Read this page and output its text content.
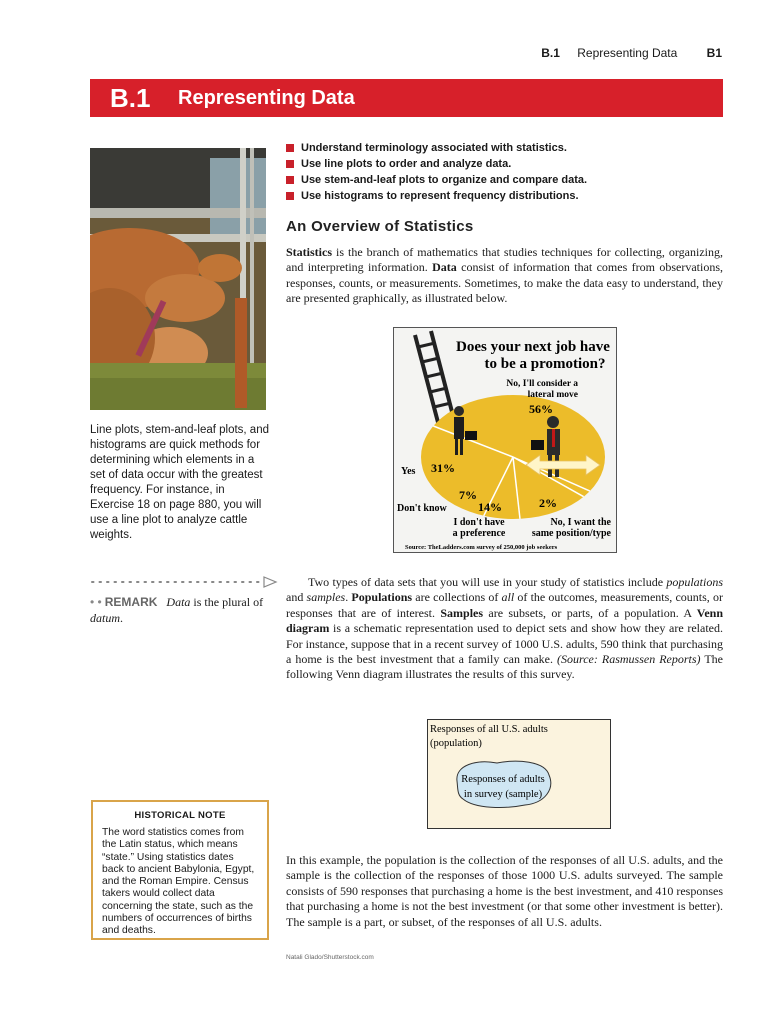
B.1 Representing Data B1
B.1 Representing Data
Understand terminology associated with statistics.
Use line plots to order and analyze data.
Use stem-and-leaf plots to organize and compare data.
Use histograms to represent frequency distributions.
Line plots, stem-and-leaf plots, and histograms are quick methods for determining which elements in a set of data occur with the greatest frequency. For instance, in Exercise 18 on page 880, you will use a line plot to analyze cattle weights.
An Overview of Statistics

Statistics is the branch of mathematics that studies techniques for collecting, organizing, and interpreting information. Data consist of information that comes from observations, responses, counts, or measurements. Sometimes, to make the data easy to understand, they are presented graphically, as illustrated below.

Does your next job have
to be a promotion?
No, I'll consider a
lateral move
56%
Yes 31%
Don't know
7%
14%
I don't have
a preference
2%
No, I want the
same position/type
Source: TheLadders.com survey of 250,000 job seekers
• • REMARK Data is the plural of datum.

Two types of data sets that you will use in your study of statistics include populations and samples. Populations are collections of all of the outcomes, measurements, counts, or responses that are of interest. Samples are subsets, or parts, of a population. A Venn diagram is a schematic representation used to depict sets and show how they are related. For instance, suppose that in a recent survey of 1000 U.S. adults, 590 think that purchasing a home is the best investment that a family can make. (Source: Rasmussen Reports) The following Venn diagram illustrates the results of this survey.

Responses of all U.S. adults
(population)
Responses of adults
in survey (sample)
HISTORICAL NOTE
The word statistics comes from the Latin status, which means “state.” Using statistics dates back to ancient Babylonia, Egypt, and the Roman Empire. Census takers would collect data concerning the state, such as the numbers of occurrences of births and deaths.

In this example, the population is the collection of the responses of all U.S. adults, and the sample is the collection of the responses of those 1000 U.S. adults surveyed. The sample consists of 590 responses that purchasing a home is the best investment, and 410 responses that purchasing a home is not the best investment (or that some other investment is better). The sample is a part, or subset, of the responses of all U.S. adults.

Natali Glado/Shutterstock.com
